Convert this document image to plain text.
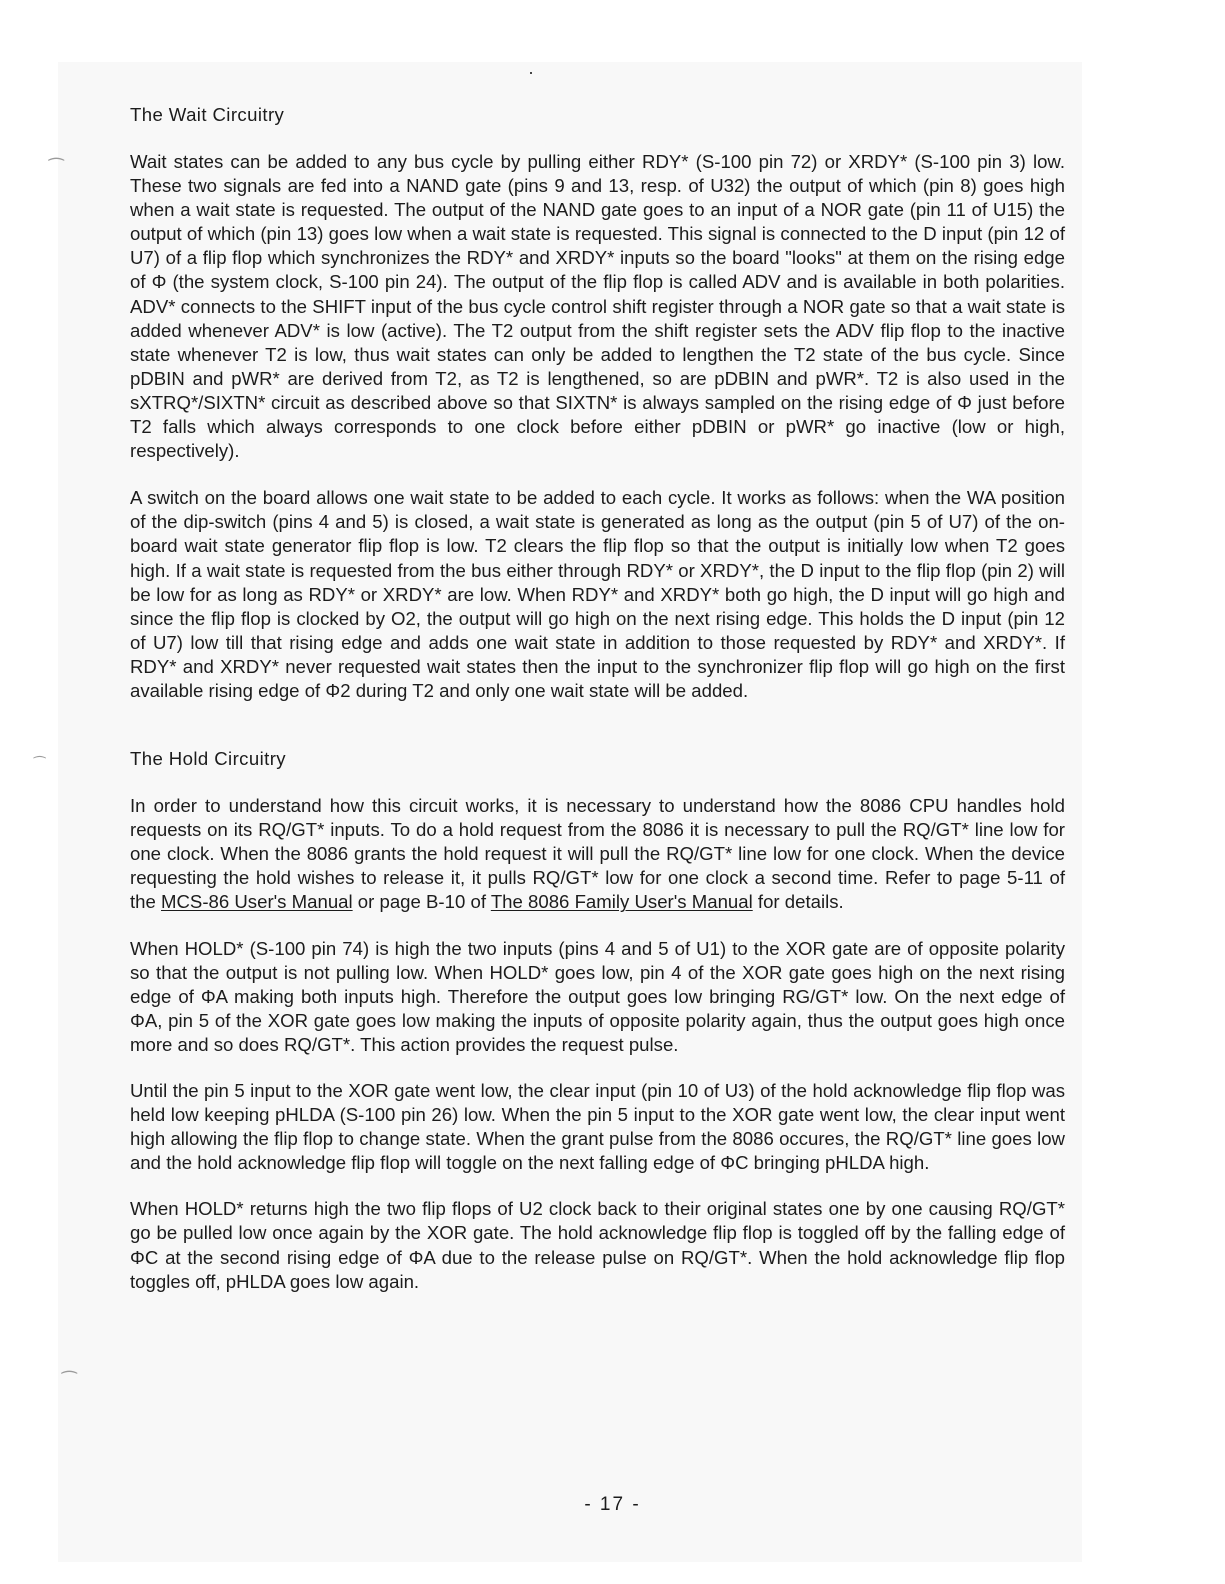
⁀
⁀
⁀
The Wait Circuitry

Wait states can be added to any bus cycle by pulling either RDY* (S-100 pin 72) or XRDY* (S-100 pin 3) low. These two signals are fed into a NAND gate (pins 9 and 13, resp. of U32) the output of which (pin 8) goes high when a wait state is requested. The output of the NAND gate goes to an input of a NOR gate (pin 11 of U15) the output of which (pin 13) goes low when a wait state is requested. This signal is connected to the D input (pin 12 of U7) of a flip flop which synchronizes the RDY* and XRDY* inputs so the board "looks" at them on the rising edge of Φ (the system clock, S-100 pin 24). The output of the flip flop is called ADV and is available in both polarities. ADV* connects to the SHIFT input of the bus cycle control shift register through a NOR gate so that a wait state is added whenever ADV* is low (active). The T2 output from the shift register sets the ADV flip flop to the inactive state whenever T2 is low, thus wait states can only be added to lengthen the T2 state of the bus cycle. Since pDBIN and pWR* are derived from T2, as T2 is lengthened, so are pDBIN and pWR*. T2 is also used in the sXTRQ*/SIXTN* circuit as described above so that SIXTN* is always sampled on the rising edge of Φ just before T2 falls which always corresponds to one clock before either pDBIN or pWR* go inactive (low or high, respectively).

A switch on the board allows one wait state to be added to each cycle. It works as follows: when the WA position of the dip-switch (pins 4 and 5) is closed, a wait state is generated as long as the output (pin 5 of U7) of the on-board wait state generator flip flop is low. T2 clears the flip flop so that the output is initially low when T2 goes high. If a wait state is requested from the bus either through RDY* or XRDY*, the D input to the flip flop (pin 2) will be low for as long as RDY* or XRDY* are low. When RDY* and XRDY* both go high, the D input will go high and since the flip flop is clocked by O2, the output will go high on the next rising edge. This holds the D input (pin 12 of U7) low till that rising edge and adds one wait state in addition to those requested by RDY* and XRDY*. If RDY* and XRDY* never requested wait states then the input to the synchronizer flip flop will go high on the first available rising edge of Φ2 during T2 and only one wait state will be added.

The Hold Circuitry

In order to understand how this circuit works, it is necessary to understand how the 8086 CPU handles hold requests on its RQ/GT* inputs. To do a hold request from the 8086 it is necessary to pull the RQ/GT* line low for one clock. When the 8086 grants the hold request it will pull the RQ/GT* line low for one clock. When the device requesting the hold wishes to release it, it pulls RQ/GT* low for one clock a second time. Refer to page 5-11 of the MCS-86 User's Manual or page B-10 of The 8086 Family User's Manual for details.

When HOLD* (S-100 pin 74) is high the two inputs (pins 4 and 5 of U1) to the XOR gate are of opposite polarity so that the output is not pulling low. When HOLD* goes low, pin 4 of the XOR gate goes high on the next rising edge of ΦA making both inputs high. Therefore the output goes low bringing RG/GT* low. On the next edge of ΦA, pin 5 of the XOR gate goes low making the inputs of opposite polarity again, thus the output goes high once more and so does RQ/GT*. This action provides the request pulse.

Until the pin 5 input to the XOR gate went low, the clear input (pin 10 of U3) of the hold acknowledge flip flop was held low keeping pHLDA (S-100 pin 26) low. When the pin 5 input to the XOR gate went low, the clear input went high allowing the flip flop to change state. When the grant pulse from the 8086 occures, the RQ/GT* line goes low and the hold acknowledge flip flop will toggle on the next falling edge of ΦC bringing pHLDA high.

When HOLD* returns high the two flip flops of U2 clock back to their original states one by one causing RQ/GT* go be pulled low once again by the XOR gate. The hold acknowledge flip flop is toggled off by the falling edge of ΦC at the second rising edge of ΦA due to the release pulse on RQ/GT*. When the hold acknowledge flip flop toggles off, pHLDA goes low again.

- 17 -
